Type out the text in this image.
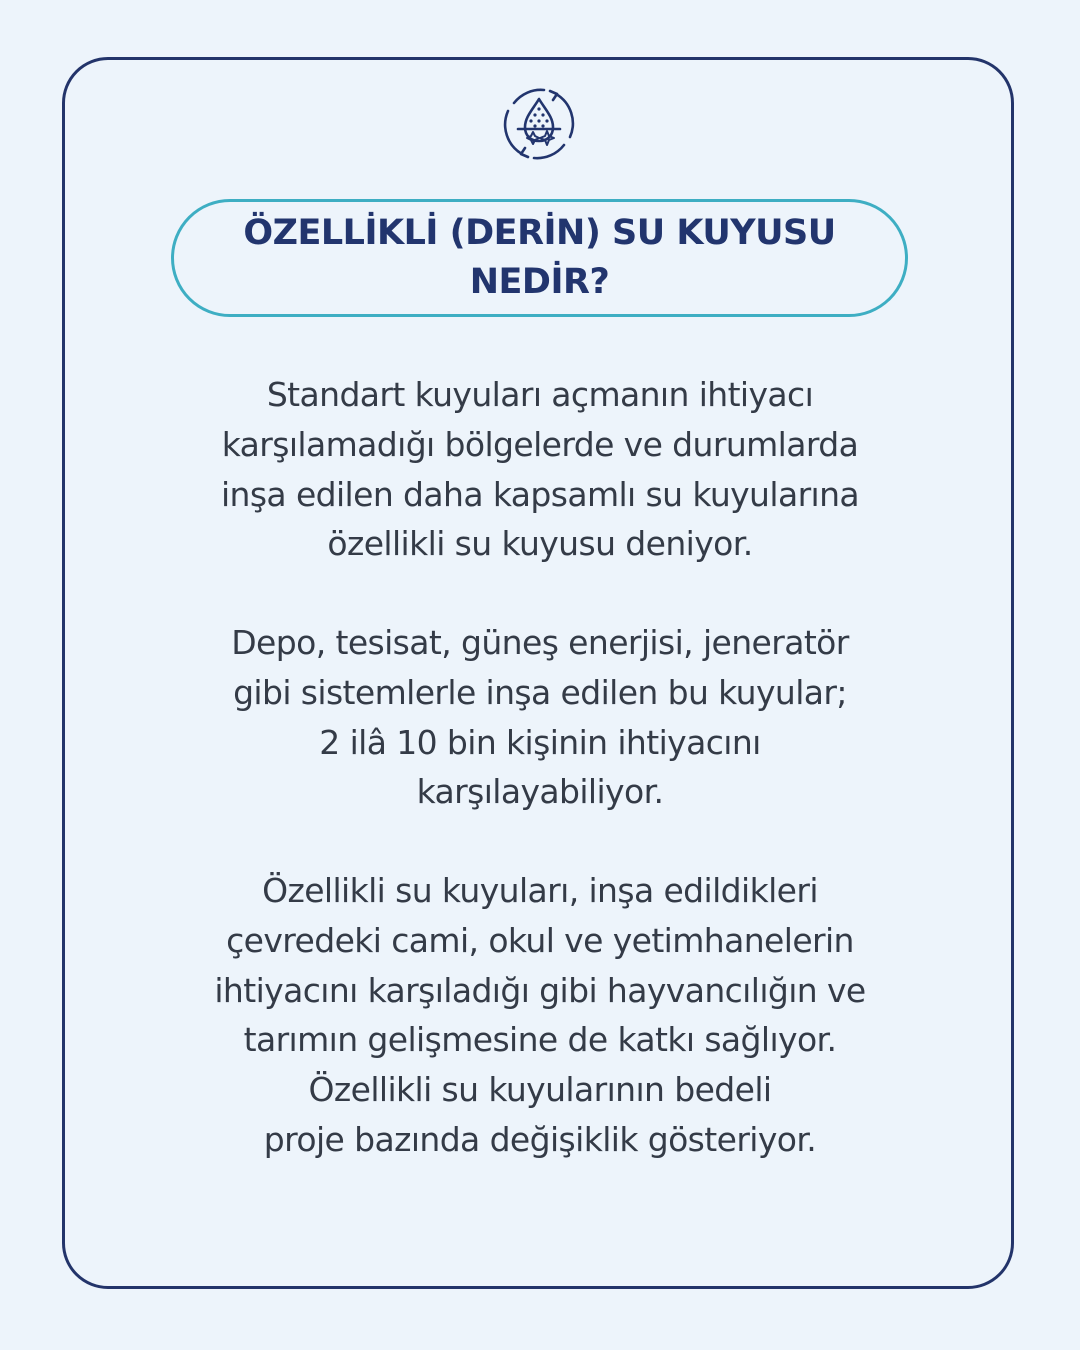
ÖZELLİKLİ (DERİN) SU KUYUSU
NEDİR?
Standart kuyuları açmanın ihtiyacı
karşılamadığı bölgelerde ve durumlarda
inşa edilen daha kapsamlı su kuyularına
özellikli su kuyusu deniyor.
Depo, tesisat, güneş enerjisi, jeneratör
gibi sistemlerle inşa edilen bu kuyular;
2 ilâ 10 bin kişinin ihtiyacını
karşılayabiliyor.
Özellikli su kuyuları, inşa edildikleri
çevredeki cami, okul ve yetimhanelerin
ihtiyacını karşıladığı gibi hayvancılığın ve
tarımın gelişmesine de katkı sağlıyor.
Özellikli su kuyularının bedeli
proje bazında değişiklik gösteriyor.
